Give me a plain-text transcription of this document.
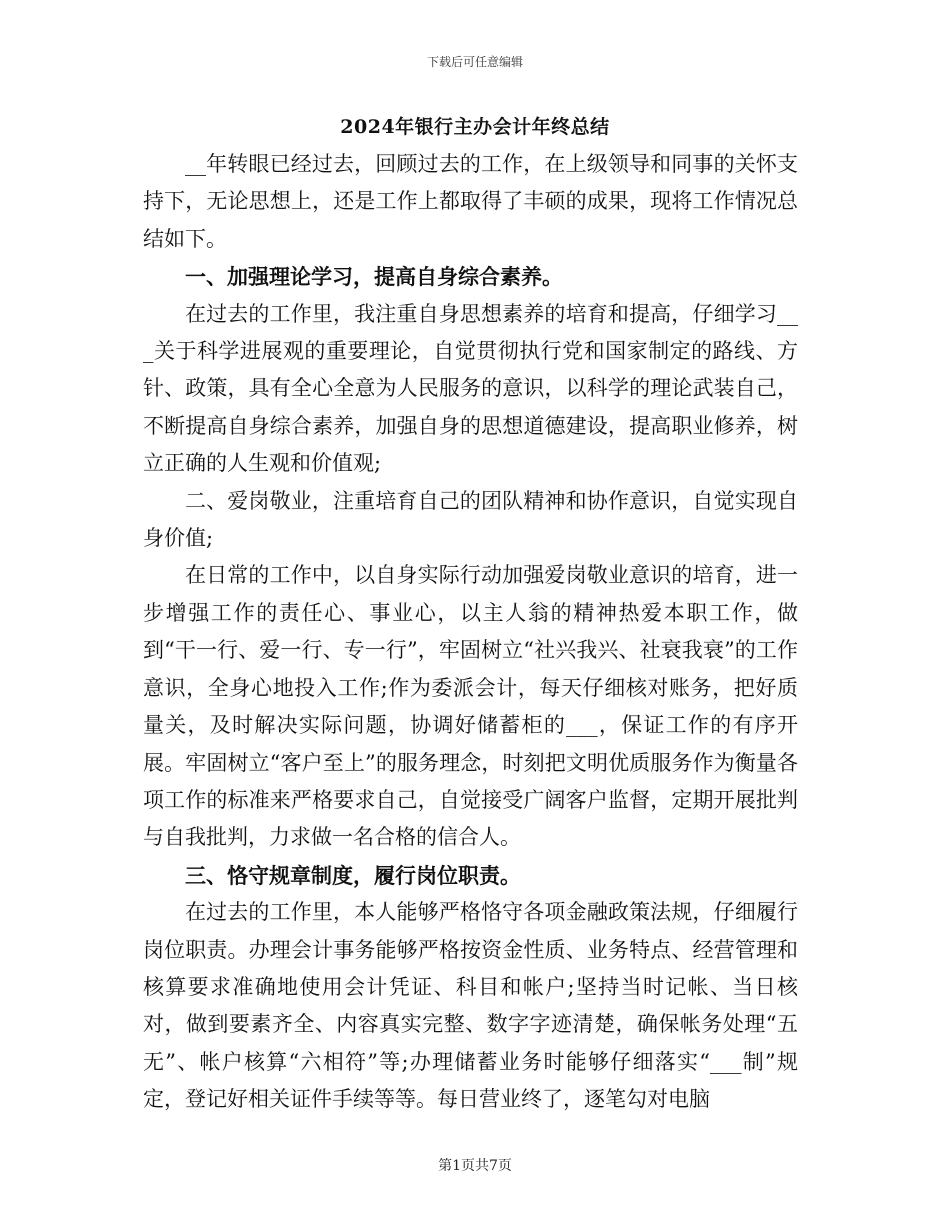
下载后可任意编辑
2024年银行主办会计年终总结

__年转眼已经过去，回顾过去的工作，在上级领导和同事的关怀支持下，无论思想上，还是工作上都取得了丰硕的成果，现将工作情况总结如下。

一、加强理论学习，提高自身综合素养。

在过去的工作里，我注重自身思想素养的培育和提高，仔细学习___关于科学进展观的重要理论，自觉贯彻执行党和国家制定的路线、方针、政策，具有全心全意为人民服务的意识，以科学的理论武装自己，不断提高自身综合素养，加强自身的思想道德建设，提高职业修养，树立正确的人生观和价值观;

二、爱岗敬业，注重培育自己的团队精神和协作意识，自觉实现自身价值;

在日常的工作中，以自身实际行动加强爱岗敬业意识的培育，进一步增强工作的责任心、事业心，以主人翁的精神热爱本职工作，做到“干一行、爱一行、专一行”，牢固树立“社兴我兴、社衰我衰”的工作意识，全身心地投入工作;作为委派会计，每天仔细核对账务，把好质量关，及时解决实际问题，协调好储蓄柜的___，保证工作的有序开展。牢固树立“客户至上”的服务理念，时刻把文明优质服务作为衡量各项工作的标准来严格要求自己，自觉接受广阔客户监督，定期开展批判与自我批判，力求做一名合格的信合人。

三、恪守规章制度，履行岗位职责。

在过去的工作里，本人能够严格恪守各项金融政策法规，仔细履行岗位职责。办理会计事务能够严格按资金性质、业务特点、经营管理和核算要求准确地使用会计凭证、科目和帐户;坚持当时记帐、当日核对，做到要素齐全、内容真实完整、数字字迹清楚，确保帐务处理“五无”、帐户核算“六相符”等;办理储蓄业务时能够仔细落实“___制”规定，登记好相关证件手续等等。每日营业终了，逐笔勾对电脑

第1页共7页
